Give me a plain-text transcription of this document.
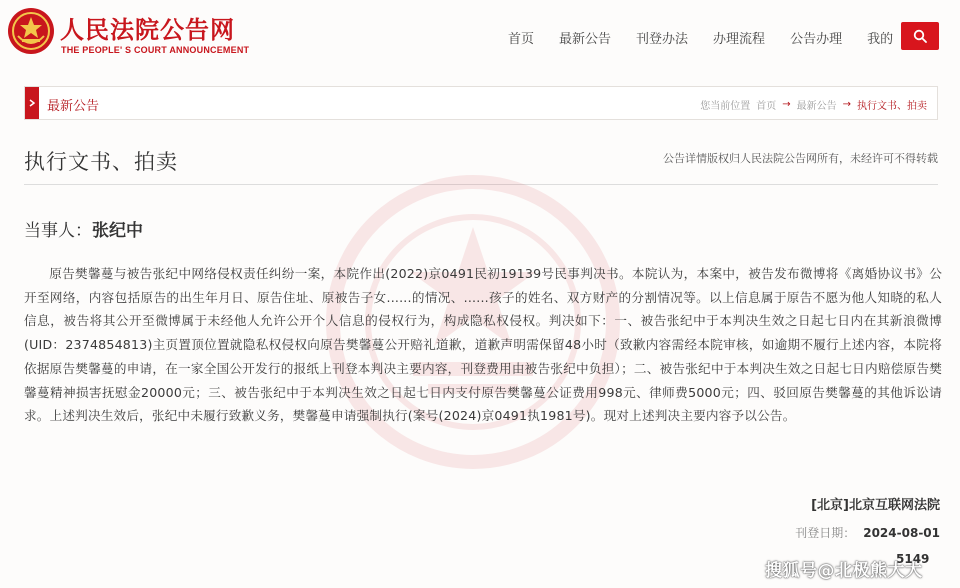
人民法院公告网
THE PEOPLE' S COURT ANNOUNCEMENT
首页 最新公告 刊登办法 办理流程 公告办理 我的
最新公告	您当前位置 首页 → 最新公告 → 执行文书、拍卖
执行文书、拍卖	公告详情版权归人民法院公告网所有，未经许可不得转载
当事人：张纪中
原告樊馨蔓与被告张纪中网络侵权责任纠纷一案，本院作出(2022)京0491民初19139号民事判决书。本院认为，本案中，被告发布微博将《离婚协议书》公开至网络，内容包括原告的出生年月日、原告住址、原被告子女......的情况、......孩子的姓名、双方财产的分割情况等。以上信息属于原告不愿为他人知晓的私人信息，被告将其公开至微博属于未经他人允许公开个人信息的侵权行为，构成隐私权侵权。判决如下：一、被告张纪中于本判决生效之日起七日内在其新浪微博(UID：2374854813)主页置顶位置就隐私权侵权向原告樊馨蔓公开赔礼道歉，道歉声明需保留48小时（致歉内容需经本院审核，如逾期不履行上述内容，本院将依据原告樊馨蔓的申请，在一家全国公开发行的报纸上刊登本判决主要内容，刊登费用由被告张纪中负担）；二、被告张纪中于本判决生效之日起七日内赔偿原告樊馨蔓精神损害抚慰金20000元；三、被告张纪中于本判决生效之日起七日内支付原告樊馨蔓公证费用998元、律师费5000元；四、驳回原告樊馨蔓的其他诉讼请求。上述判决生效后，张纪中未履行致歉义务，樊馨蔓申请强制执行(案号(2024)京0491执1981号)。现对上述判决主要内容予以公告。
[北京]北京互联网法院
刊登日期： 2024-08-01
5149
搜狐号@北极熊大大
